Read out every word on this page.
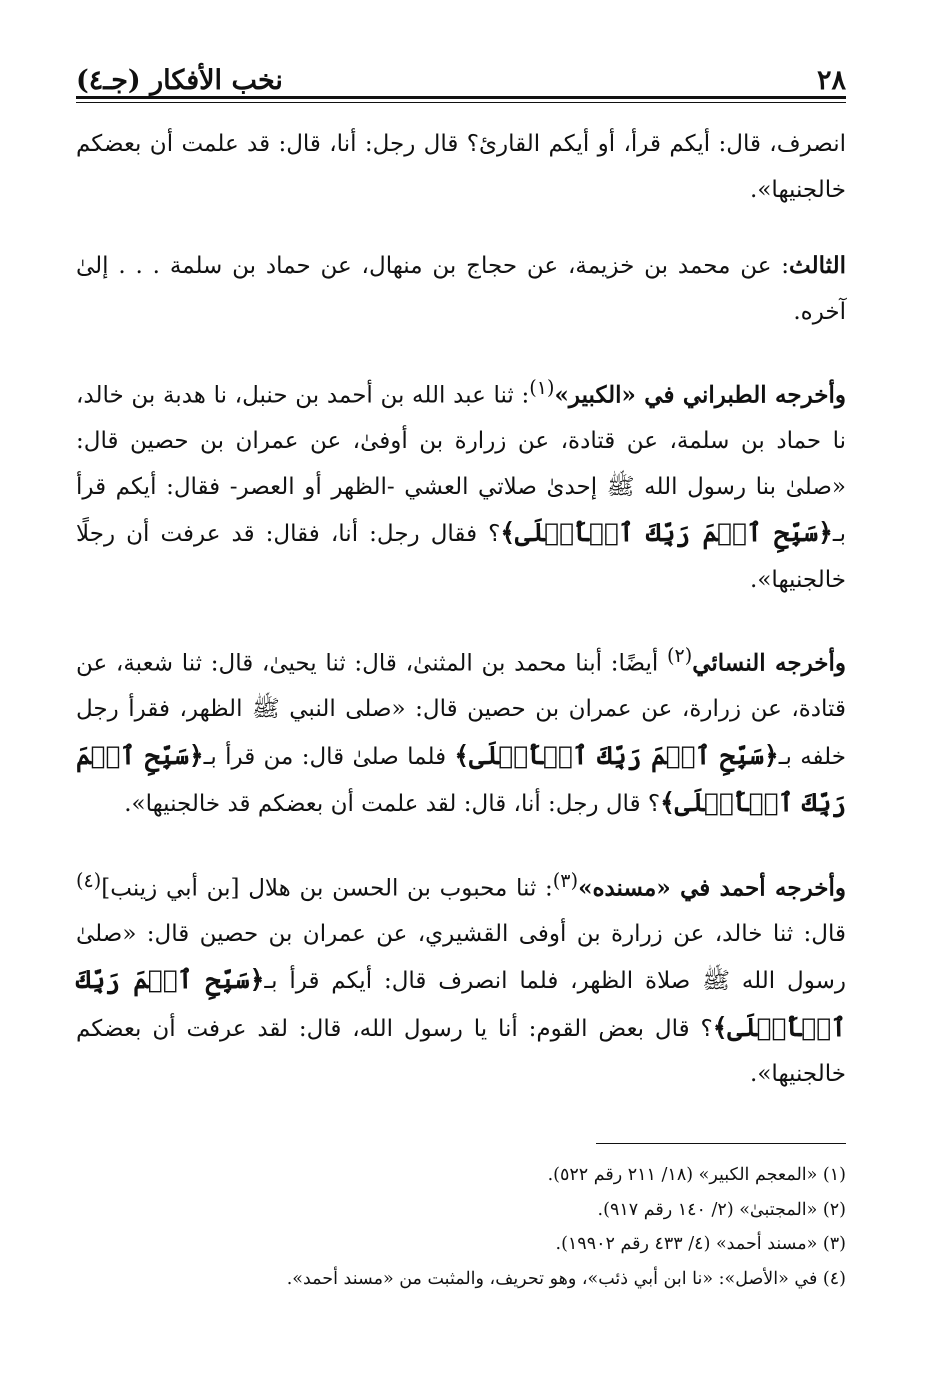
٢٨
نخب الأفكار (جـ٤)

انصرف، قال: أيكم قرأ، أو أيكم القارئ؟ قال رجل: أنا، قال: قد علمت أن بعضكم خالجنيها».

الثالث: عن محمد بن خزيمة، عن حجاج بن منهال، عن حماد بن سلمة . . . إلىٰ آخره.

وأخرجه الطبراني في «الكبير»$^{(١)}$: ثنا عبد الله بن أحمد بن حنبل، نا هدبة بن خالد، نا حماد بن سلمة، عن قتادة، عن زرارة بن أوفىٰ، عن عمران بن حصين قال: «صلىٰ بنا رسول الله ﷺ إحدىٰ صلاتي العشي -الظهر أو العصر- فقال: أيكم قرأ بـ﴿سَبِّحِ ٱسۡمَ رَبِّكَ ٱلۡأَعۡلَى﴾؟ فقال رجل: أنا، فقال: قد عرفت أن رجلًا خالجنيها».

وأخرجه النسائي$^{(٢)}$ أيضًا: أبنا محمد بن المثنىٰ، قال: ثنا يحيىٰ، قال: ثنا شعبة، عن قتادة، عن زرارة، عن عمران بن حصين قال: «صلى النبي ﷺ الظهر، فقرأ رجل خلفه بـ﴿سَبِّحِ ٱسۡمَ رَبِّكَ ٱلۡأَعۡلَى﴾ فلما صلىٰ قال: من قرأ بـ﴿سَبِّحِ ٱسۡمَ رَبِّكَ ٱلۡأَعۡلَى﴾؟ قال رجل: أنا، قال: لقد علمت أن بعضكم قد خالجنيها».

وأخرجه أحمد في «مسنده»$^{(٣)}$: ثنا محبوب بن الحسن بن هلال [بن أبي زينب]$^{(٤)}$ قال: ثنا خالد، عن زرارة بن أوفى القشيري، عن عمران بن حصين قال: «صلىٰ رسول الله ﷺ صلاة الظهر، فلما انصرف قال: أيكم قرأ بـ﴿سَبِّحِ ٱسۡمَ رَبِّكَ ٱلۡأَعۡلَى﴾؟ قال بعض القوم: أنا يا رسول الله، قال: لقد عرفت أن بعضكم خالجنيها».

(١) «المعجم الكبير» (١٨/ ٢١١ رقم ٥٢٢).

(٢) «المجتبىٰ» (٢/ ١٤٠ رقم ٩١٧).

(٣) «مسند أحمد» (٤/ ٤٣٣ رقم ١٩٩٠٢).

(٤) في «الأصل»: «نا ابن أبي ذئب»، وهو تحريف، والمثبت من «مسند أحمد».
